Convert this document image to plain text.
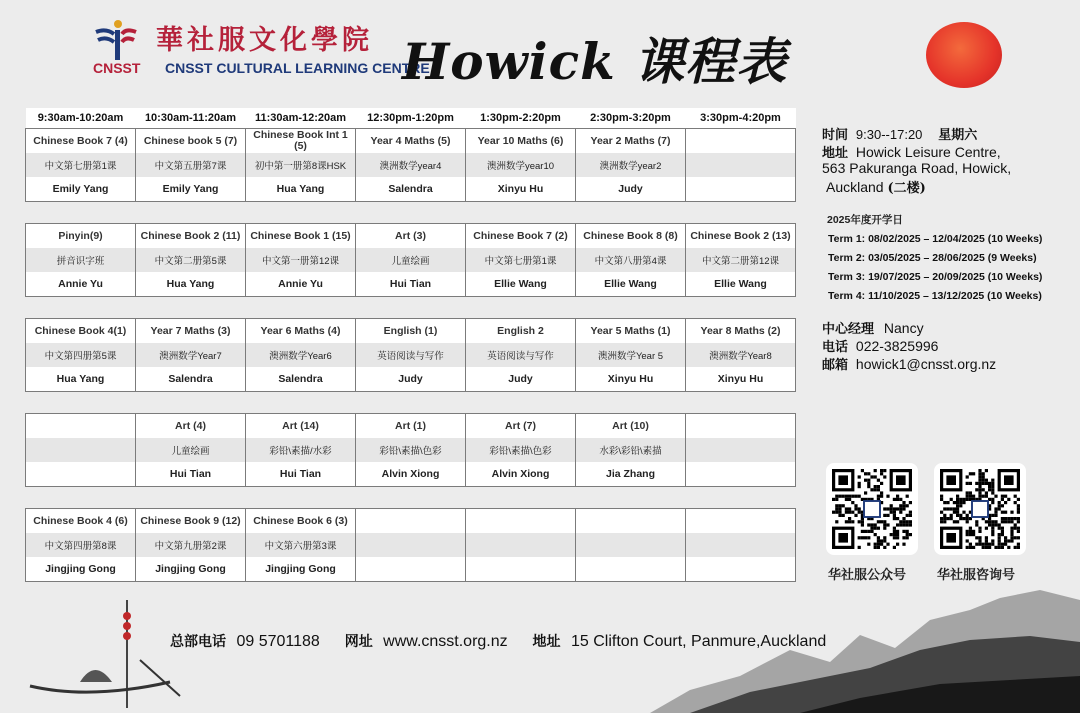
華社服文化學院
CNSST CNSST CULTURAL LEARNING CENTRE
Howick 课程表
9:30am-10:20am	10:30am-11:20am	11:30am-12:20am	12:30pm-1:20pm	1:30pm-2:20pm	2:30pm-3:20pm	3:30pm-4:20pm
Chinese Book 7 (4)	Chinese book 5 (7)	Chinese Book Int 1 (5)	Year 4 Maths (5)	Year 10 Maths (6)	Year 2 Maths (7)	
中文第七册第1课	中文第五册第7课	初中第一册第8课HSK	澳洲数学year4	澳洲数学year10	澳洲数学year2	
Emily Yang	Emily Yang	Hua Yang	Salendra	Xinyu Hu	Judy	

Pinyin(9)	Chinese Book 2 (11)	Chinese Book 1 (15)	Art (3)	Chinese Book 7 (2)	Chinese Book 8 (8)	Chinese Book 2 (13)
拼音识字班	中文第二册第5课	中文第一册第12课	儿童绘画	中文第七册第1课	中文第八册第4课	中文第二册第12课
Annie Yu	Hua Yang	Annie Yu	Hui Tian	Ellie Wang	Ellie Wang	Ellie Wang

Chinese Book 4(1)	Year 7 Maths (3)	Year 6 Maths (4)	English (1)	English 2	Year 5 Maths (1)	Year 8 Maths (2)
中文第四册第5课	澳洲数学Year7	澳洲数学Year6	英语阅读与写作	英语阅读与写作	澳洲数学Year 5	澳洲数学Year8
Hua Yang	Salendra	Salendra	Judy	Judy	Xinyu Hu	Xinyu Hu

	Art (4)	Art (14)	Art (1)	Art (7)	Art (10)	
	儿童绘画	彩铅\素描/水彩	彩铅\素描\色彩	彩铅\素描\色彩	水彩\彩铅\素描	
	Hui Tian	Hui Tian	Alvin Xiong	Alvin Xiong	Jia Zhang	

Chinese Book 4 (6)	Chinese Book 9 (12)	Chinese Book 6 (3)				
中文第四册第8课	中文第九册第2课	中文第六册第3课				
Jingjing Gong	Jingjing Gong	Jingjing Gong				
时间 9:30--17:20 星期六
地址 Howick Leisure Centre,
563 Pakuranga Road, Howick,
Auckland (二楼)
2025年度开学日
Term 1: 08/02/2025 – 12/04/2025 (10 Weeks)
Term 2: 03/05/2025 – 28/06/2025 (9 Weeks)
Term 3: 19/07/2025 – 20/09/2025 (10 Weeks)
Term 4: 11/10/2025 – 13/12/2025 (10 Weeks)
中心经理 Nancy
电话 022-3825996
邮箱 howick1@cnsst.org.nz
华社服公众号 华社服咨询号
总部电话 09 5701188 网址 www.cnsst.org.nz 地址 15 Clifton Court, Panmure,Auckland
